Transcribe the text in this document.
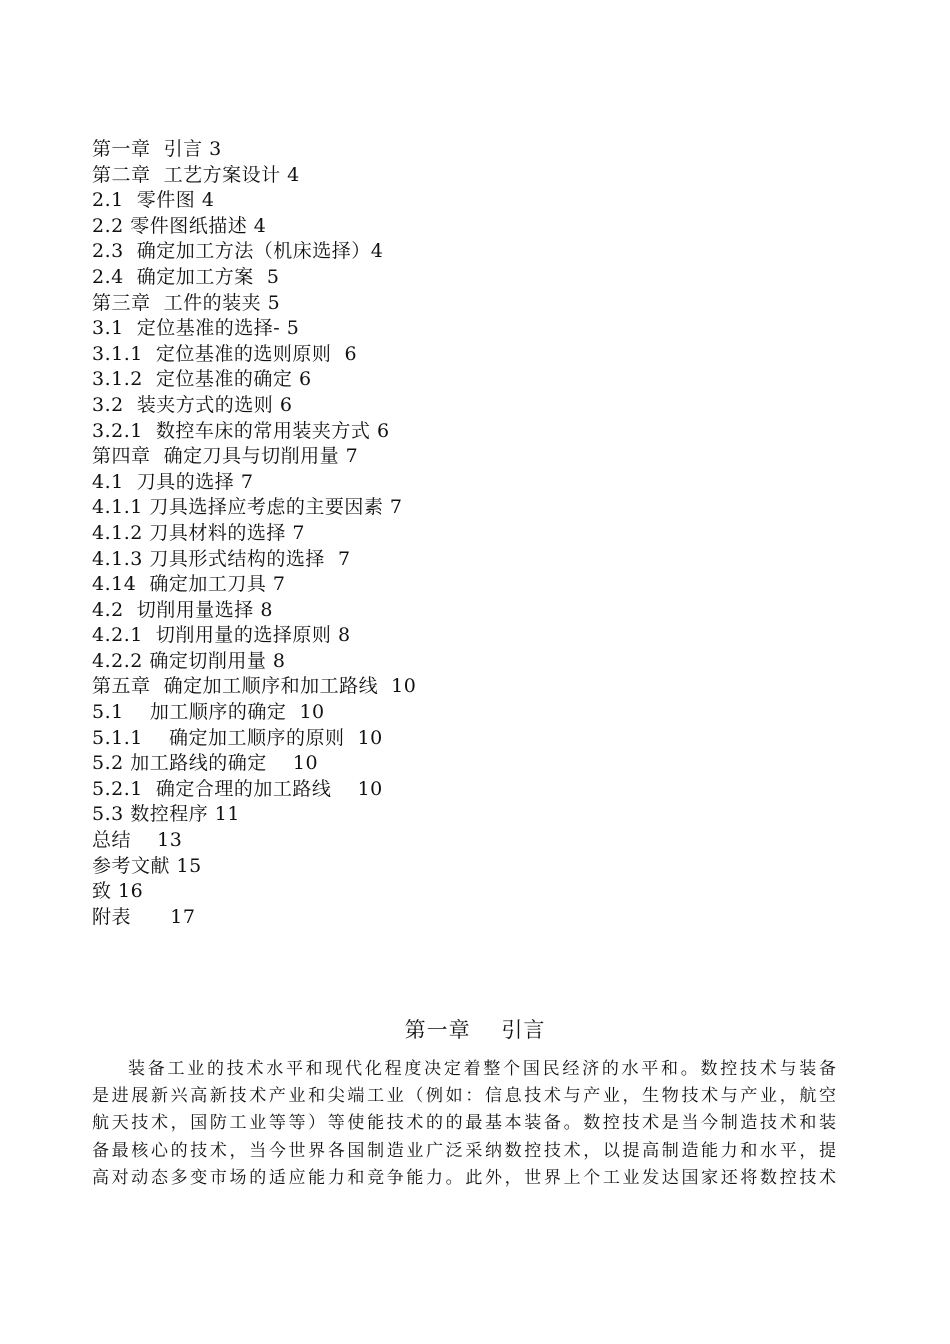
第一章  引言 3
第二章  工艺方案设计 4
2.1  零件图 4
2.2 零件图纸描述 4
2.3  确定加工方法（机床选择）4
2.4  确定加工方案  5
第三章  工件的装夹 5
3.1  定位基准的选择- 5
3.1.1  定位基准的选则原则  6
3.1.2  定位基准的确定 6
3.2  装夹方式的选则 6
3.2.1  数控车床的常用装夹方式 6
第四章  确定刀具与切削用量 7
4.1  刀具的选择 7
4.1.1 刀具选择应考虑的主要因素 7
4.1.2 刀具材料的选择 7
4.1.3 刀具形式结构的选择  7
4.14  确定加工刀具 7
4.2  切削用量选择 8
4.2.1  切削用量的选择原则 8
4.2.2 确定切削用量 8
第五章  确定加工顺序和加工路线  10
5.1    加工顺序的确定  10
5.1.1    确定加工顺序的原则  10
5.2 加工路线的确定    10
5.2.1  确定合理的加工路线    10
5.3 数控程序 11
总结    13
参考文献 15
致 16
附表      17
第一章    引言
装备工业的技术水平和现代化程度决定着整个国民经济的水平和。数控技术与装备
是进展新兴高新技术产业和尖端工业（例如：信息技术与产业，生物技术与产业，航空
航天技术，国防工业等等）等使能技术的的最基本装备。数控技术是当今制造技术和装
备最核心的技术，当今世界各国制造业广泛采纳数控技术，以提高制造能力和水平，提
高对动态多变市场的适应能力和竞争能力。此外，世界上个工业发达国家还将数控技术
